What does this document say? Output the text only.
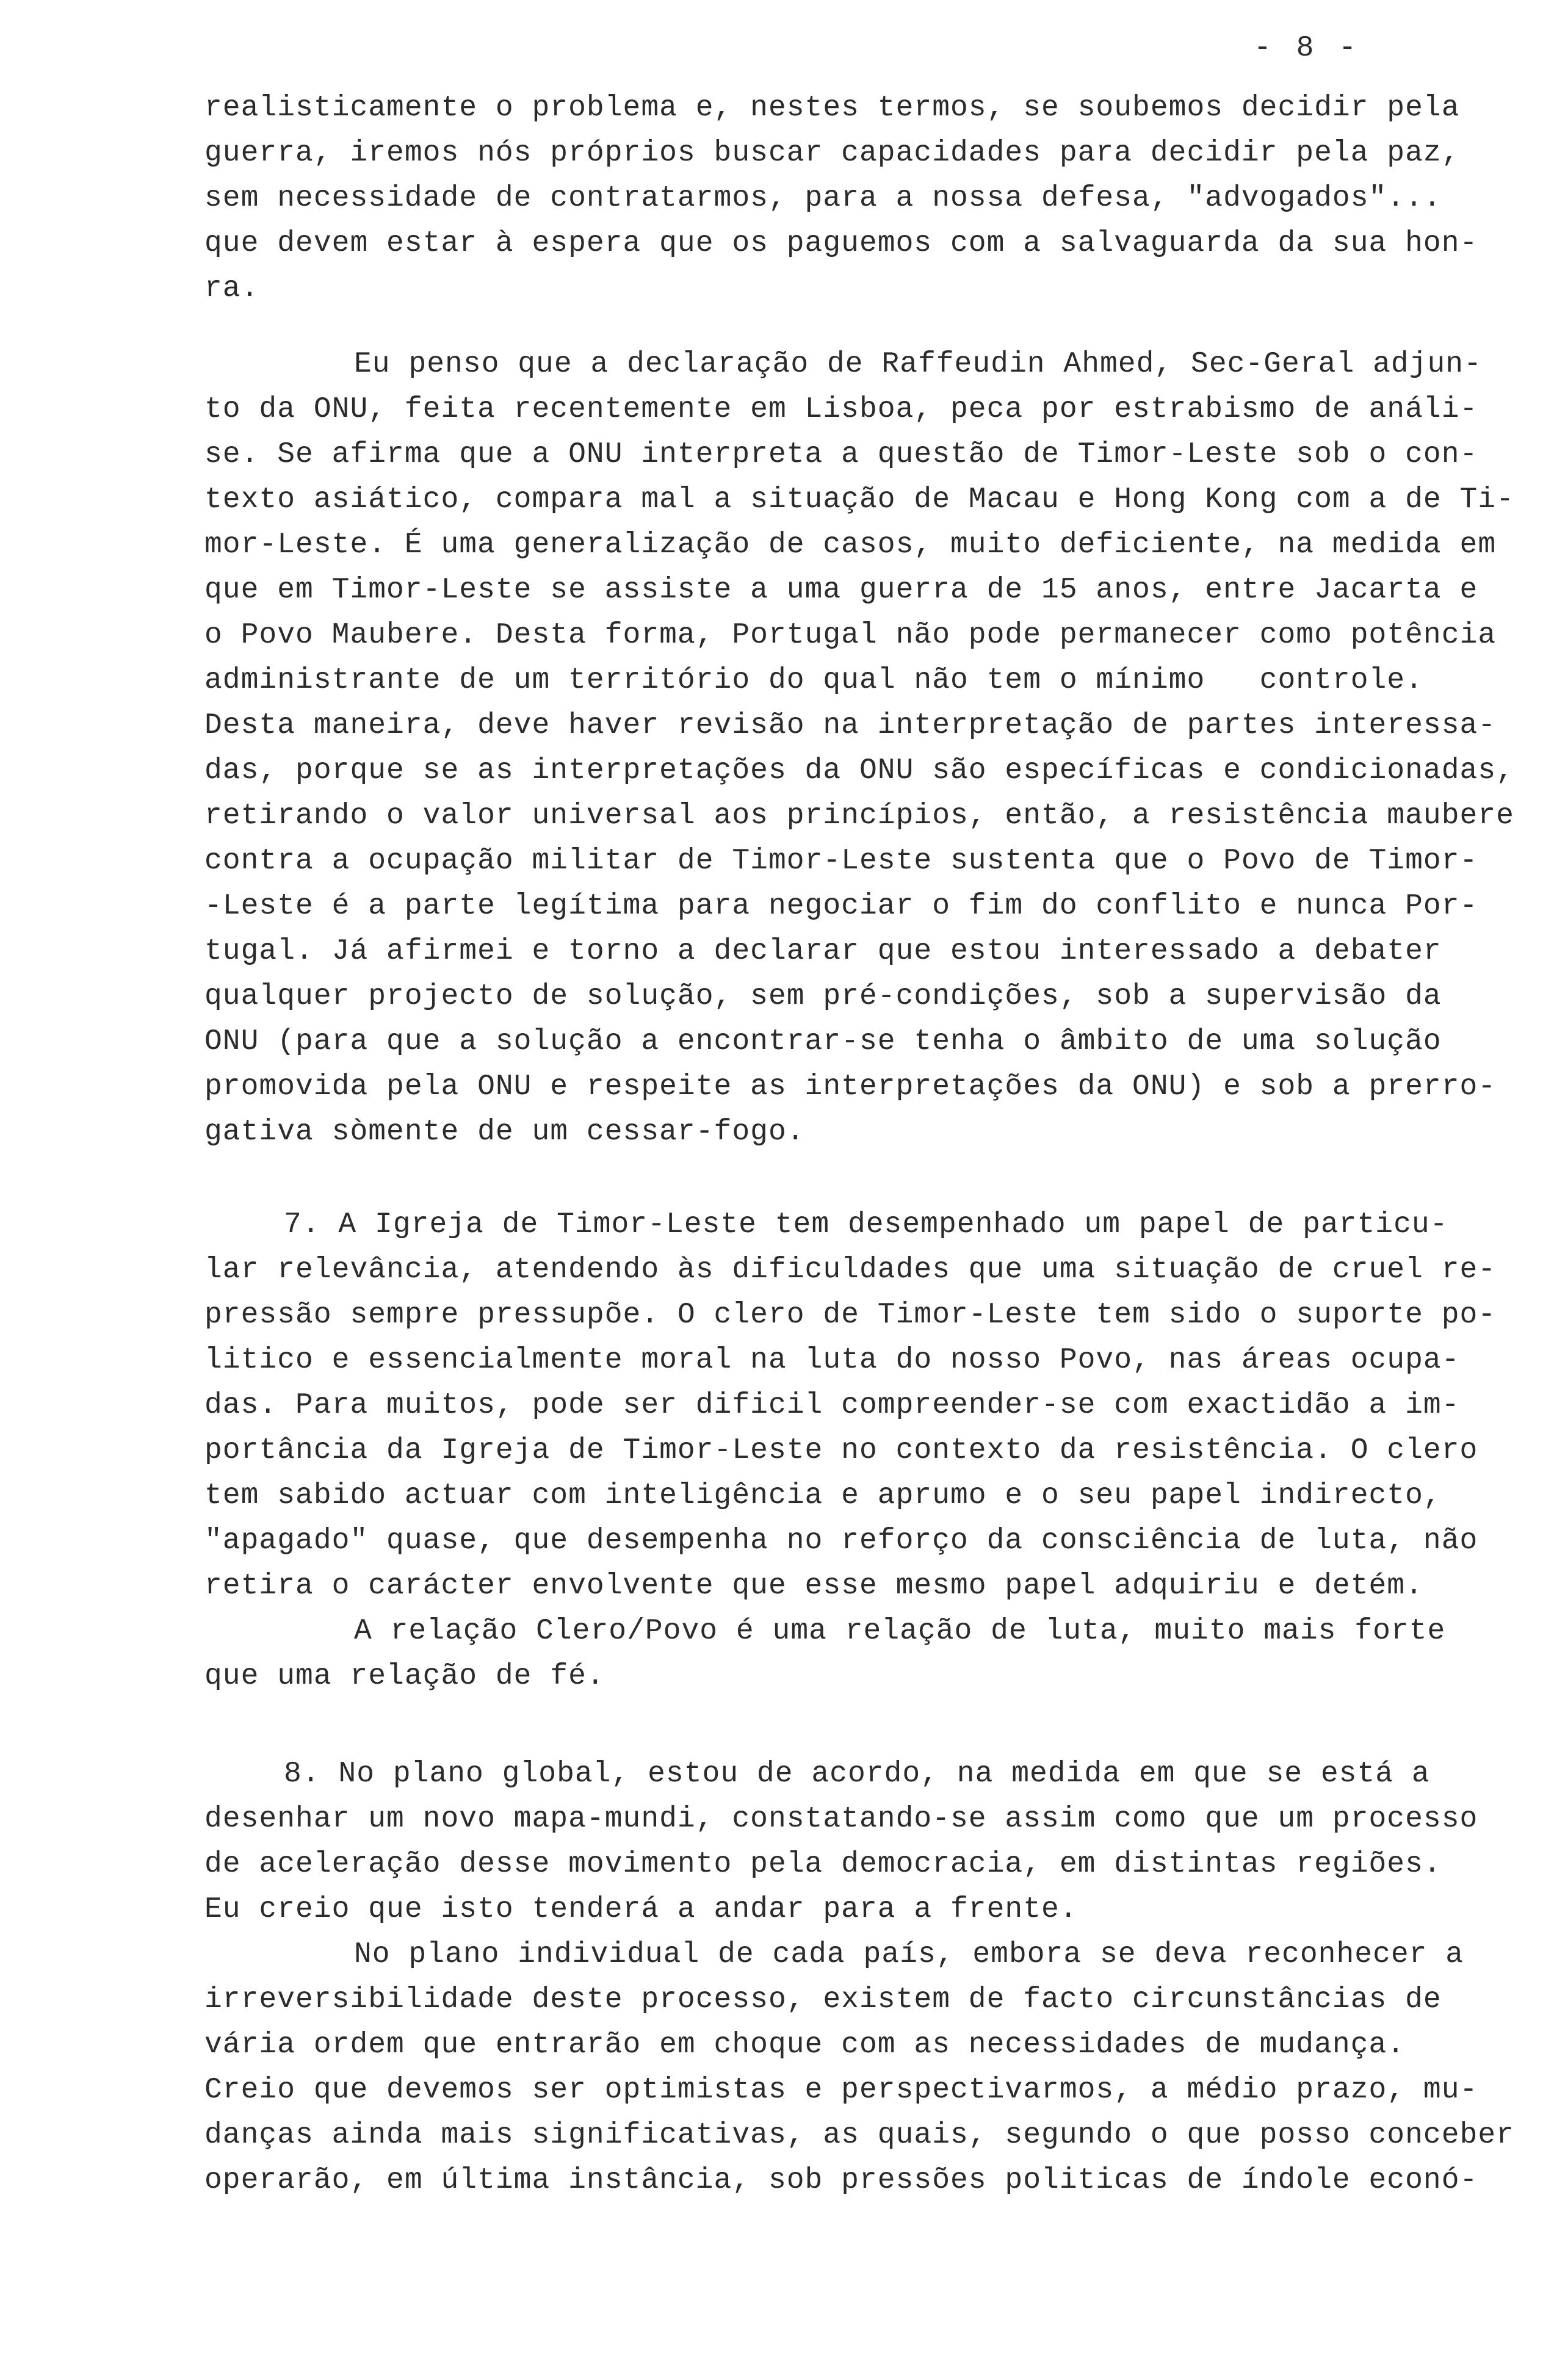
- 8 -

realisticamente o problema e, nestes termos, se soubemos decidir pela
guerra, iremos nós próprios buscar capacidades para decidir pela paz,
sem necessidade de contratarmos, para a nossa defesa, "advogados"...
que devem estar à espera que os paguemos com a salvaguarda da sua hon-
ra.

Eu penso que a declaração de Raffeudin Ahmed, Sec-Geral adjun-
to da ONU, feita recentemente em Lisboa, peca por estrabismo de análi-
se. Se afirma que a ONU interpreta a questão de Timor-Leste sob o con-
texto asiático, compara mal a situação de Macau e Hong Kong com a de Ti-
mor-Leste. É uma generalização de casos, muito deficiente, na medida em
que em Timor-Leste se assiste a uma guerra de 15 anos, entre Jacarta e
o Povo Maubere. Desta forma, Portugal não pode permanecer como potência
administrante de um território do qual não tem o mínimo   controle.
Desta maneira, deve haver revisão na interpretação de partes interessa-
das, porque se as interpretações da ONU são específicas e condicionadas,
retirando o valor universal aos princípios, então, a resistência maubere
contra a ocupação militar de Timor-Leste sustenta que o Povo de Timor-
-Leste é a parte legítima para negociar o fim do conflito e nunca Por-
tugal. Já afirmei e torno a declarar que estou interessado a debater
qualquer projecto de solução, sem pré-condições, sob a supervisão da
ONU (para que a solução a encontrar-se tenha o âmbito de uma solução
promovida pela ONU e respeite as interpretações da ONU) e sob a prerro-
gativa sòmente de um cessar-fogo.

7. A Igreja de Timor-Leste tem desempenhado um papel de particu-
lar relevância, atendendo às dificuldades que uma situação de cruel re-
pressão sempre pressupõe. O clero de Timor-Leste tem sido o suporte po-
litico e essencialmente moral na luta do nosso Povo, nas áreas ocupa-
das. Para muitos, pode ser dificil compreender-se com exactidão a im-
portância da Igreja de Timor-Leste no contexto da resistência. O clero
tem sabido actuar com inteligência e aprumo e o seu papel indirecto,
"apagado" quase, que desempenha no reforço da consciência de luta, não
retira o carácter envolvente que esse mesmo papel adquiriu e detém.

A relação Clero/Povo é uma relação de luta, muito mais forte
que uma relação de fé.

8. No plano global, estou de acordo, na medida em que se está a
desenhar um novo mapa-mundi, constatando-se assim como que um processo
de aceleração desse movimento pela democracia, em distintas regiões.
Eu creio que isto tenderá a andar para a frente.

No plano individual de cada país, embora se deva reconhecer a
irreversibilidade deste processo, existem de facto circunstâncias de
vária ordem que entrarão em choque com as necessidades de mudança.
Creio que devemos ser optimistas e perspectivarmos, a médio prazo, mu-
danças ainda mais significativas, as quais, segundo o que posso conceber
operarão, em última instância, sob pressões politicas de índole econó-
